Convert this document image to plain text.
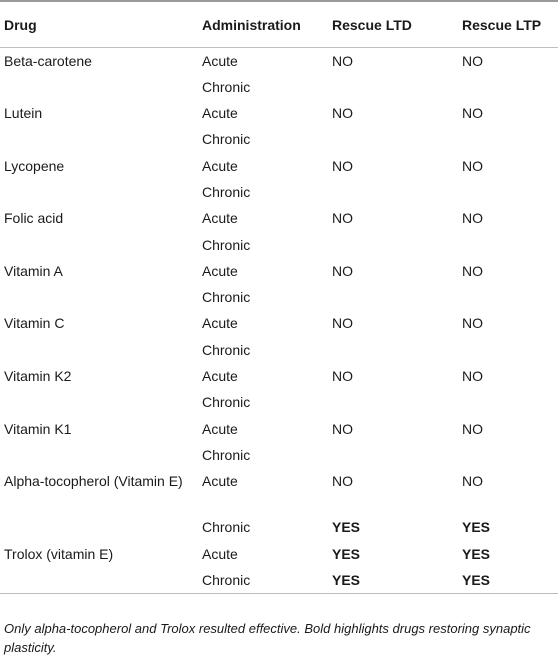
Drug	Administration	Rescue LTD	Rescue LTP
Beta-carotene	Acute	NO	NO
	Chronic		
Lutein	Acute	NO	NO
	Chronic		
Lycopene	Acute	NO	NO
	Chronic		
Folic acid	Acute	NO	NO
	Chronic		
Vitamin A	Acute	NO	NO
	Chronic		
Vitamin C	Acute	NO	NO
	Chronic		
Vitamin K2	Acute	NO	NO
	Chronic		
Vitamin K1	Acute	NO	NO
	Chronic		
Alpha-tocopherol (Vitamin E)	Acute	NO	NO
	Chronic	YES	YES
Trolox (vitamin E)	Acute	YES	YES
	Chronic	YES	YES
Only alpha-tocopherol and Trolox resulted effective. Bold highlights drugs restoring synaptic plasticity.
